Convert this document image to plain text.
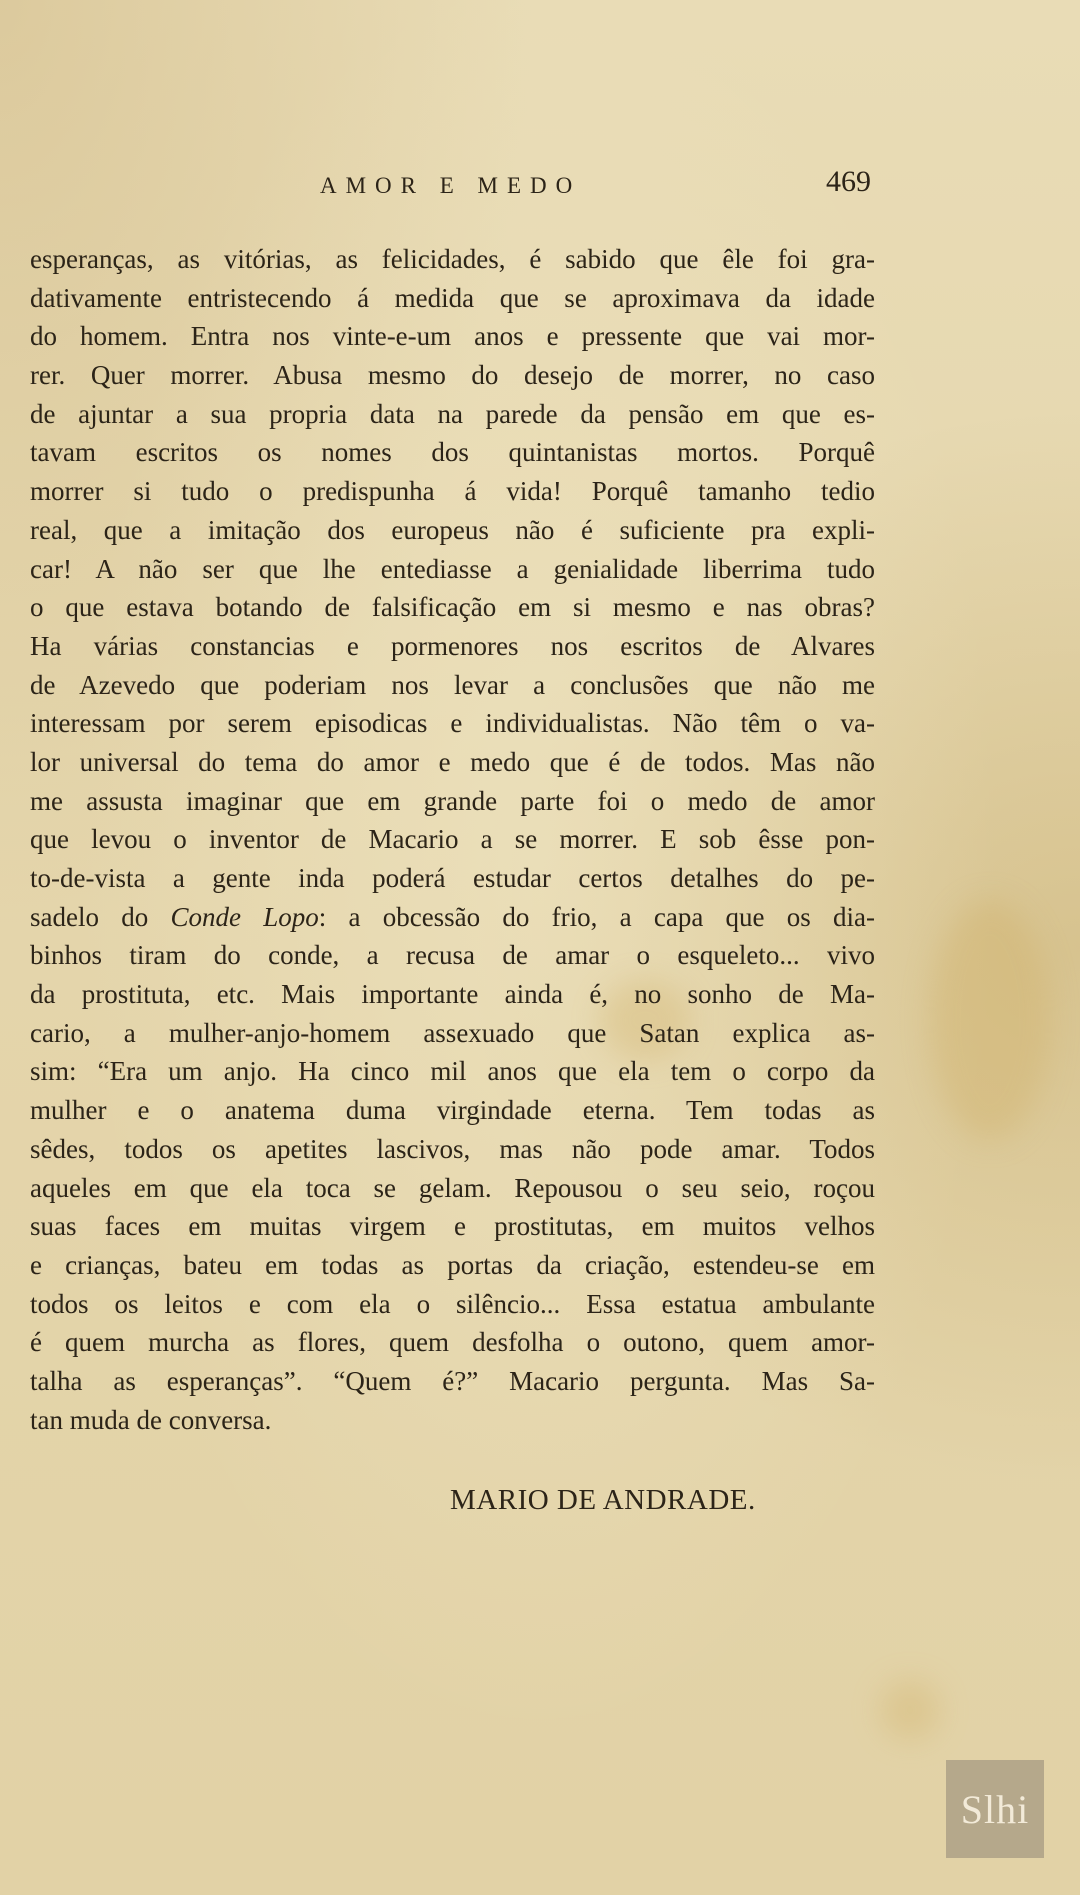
AMOR E MEDO	469
esperanças, as vitórias, as felicidades, é sabido que êle foi gra-
dativamente entristecendo á medida que se aproximava da idade
do homem. Entra nos vinte-e-um anos e pressente que vai mor-
rer. Quer morrer. Abusa mesmo do desejo de morrer, no caso
de ajuntar a sua propria data na parede da pensão em que es-
tavam escritos os nomes dos quintanistas mortos. Porquê
morrer si tudo o predispunha á vida! Porquê tamanho tedio
real, que a imitação dos europeus não é suficiente pra expli-
car! A não ser que lhe entediasse a genialidade liberrima tudo
o que estava botando de falsificação em si mesmo e nas obras?
Ha várias constancias e pormenores nos escritos de Alvares
de Azevedo que poderiam nos levar a conclusões que não me
interessam por serem episodicas e individualistas. Não têm o va-
lor universal do tema do amor e medo que é de todos. Mas não
me assusta imaginar que em grande parte foi o medo de amor
que levou o inventor de Macario a se morrer. E sob êsse pon-
to-de-vista a gente inda poderá estudar certos detalhes do pe-
sadelo do Conde Lopo: a obcessão do frio, a capa que os dia-
binhos tiram do conde, a recusa de amar o esqueleto... vivo
da prostituta, etc. Mais importante ainda é, no sonho de Ma-
cario, a mulher-anjo-homem assexuado que Satan explica as-
sim: “Era um anjo. Ha cinco mil anos que ela tem o corpo da
mulher e o anatema duma virgindade eterna. Tem todas as
sêdes, todos os apetites lascivos, mas não pode amar. Todos
aqueles em que ela toca se gelam. Repousou o seu seio, roçou
suas faces em muitas virgem e prostitutas, em muitos velhos
e crianças, bateu em todas as portas da criação, estendeu-se em
todos os leitos e com ela o silêncio... Essa estatua ambulante
é quem murcha as flores, quem desfolha o outono, quem amor-
talha as esperanças”. “Quem é?” Macario pergunta. Mas Sa-
tan muda de conversa.
MARIO DE ANDRADE.
Slhi
